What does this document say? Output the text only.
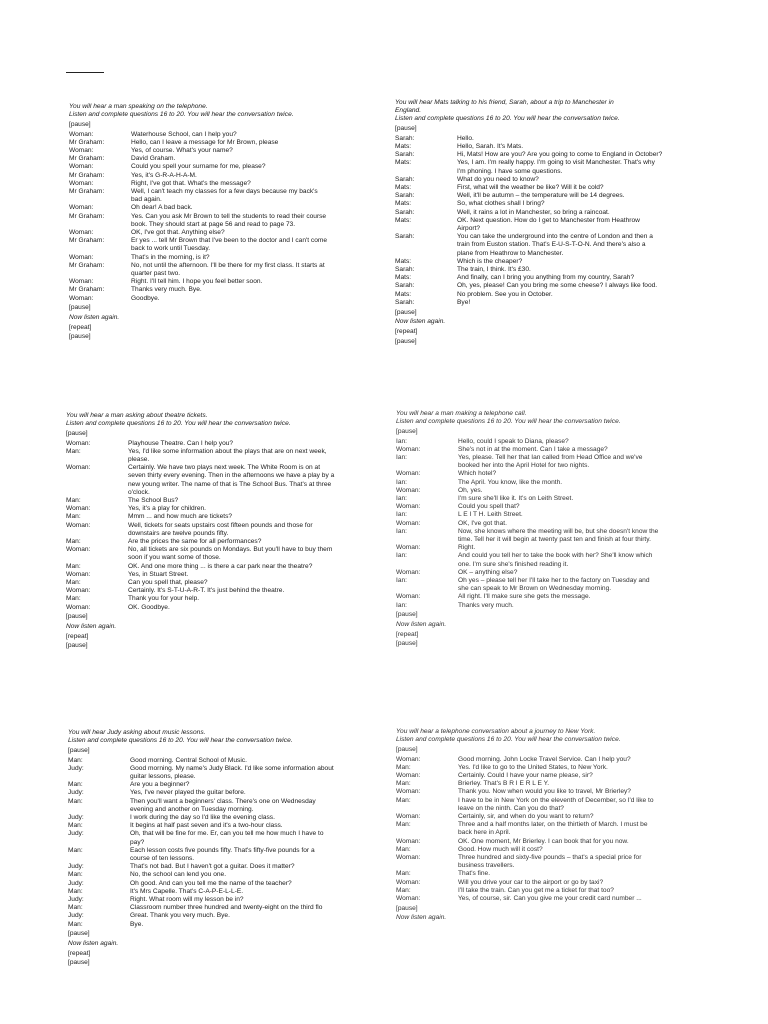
You will hear a man speaking on the telephone.
Listen and complete questions 16 to 20. You will hear the conversation twice.
[pause]
Woman:	Waterhouse School, can I help you?
Mr Graham:	Hello, can I leave a message for Mr Brown, please
Woman:	Yes, of course. What's your name?
Mr Graham:	David Graham.
Woman:	Could you spell your surname for me, please?
Mr Graham:	Yes, it's G-R-A-H-A-M.
Woman:	Right, I've got that. What's the message?
Mr Graham:	Well, I can't teach my classes for a few days because my back's
bad again.
Woman:	Oh dear! A bad back.
Mr Graham:	Yes. Can you ask Mr Brown to tell the students to read their course
book. They should start at page 56 and read to page 73.
Woman:	OK, I've got that. Anything else?
Mr Graham:	Er yes ... tell Mr Brown that I've been to the doctor and I can't come
back to work until Tuesday.
Woman:	That's in the morning, is it?
Mr Graham:	No, not until the afternoon. I'll be there for my first class. It starts at
quarter past two.
Woman:	Right. I'll tell him. I hope you feel better soon.
Mr Graham:	Thanks very much. Bye.
Woman:	Goodbye.
[pause]
Now listen again.
[repeat]
[pause]
You will hear Mats talking to his friend, Sarah, about a trip to Manchester in
England.
Listen and complete questions 16 to 20. You will hear the conversation twice.
[pause]
Sarah:	Hello.
Mats:	Hello, Sarah. It's Mats.
Sarah:	Hi, Mats! How are you? Are you going to come to England in October?
Mats:	Yes, I am. I'm really happy. I'm going to visit Manchester. That's why
I'm phoning. I have some questions.
Sarah:	What do you need to know?
Mats:	First, what will the weather be like? Will it be cold?
Sarah:	Well, it'll be autumn – the temperature will be 14 degrees.
Mats:	So, what clothes shall I bring?
Sarah:	Well, it rains a lot in Manchester, so bring a raincoat.
Mats:	OK. Next question. How do I get to Manchester from Heathrow
Airport?
Sarah:	You can take the underground into the centre of London and then a
train from Euston station. That's E-U-S-T-O-N. And there's also a
plane from Heathrow to Manchester.
Mats:	Which is the cheaper?
Sarah:	The train, I think. It's £30.
Mats:	And finally, can I bring you anything from my country, Sarah?
Sarah:	Oh, yes, please! Can you bring me some cheese? I always like food.
Mats:	No problem. See you in October.
Sarah:	Bye!
[pause]
Now listen again.
[repeat]
[pause]
You will hear a man asking about theatre tickets.
Listen and complete questions 16 to 20. You will hear the conversation twice.
[pause]
Woman:	Playhouse Theatre. Can I help you?
Man:	Yes, I'd like some information about the plays that are on next week,
please.
Woman:	Certainly. We have two plays next week. The White Room is on at
seven thirty every evening. Then in the afternoons we have a play by a
new young writer. The name of that is The School Bus. That's at three
o'clock.
Man:	The School Bus?
Woman:	Yes, it's a play for children.
Man:	Mmm ... and how much are tickets?
Woman:	Well, tickets for seats upstairs cost fifteen pounds and those for
downstairs are twelve pounds fifty.
Man:	Are the prices the same for all performances?
Woman:	No, all tickets are six pounds on Mondays. But you'll have to buy them
soon if you want some of those.
Man:	OK. And one more thing ... is there a car park near the theatre?
Woman:	Yes, in Stuart Street.
Man:	Can you spell that, please?
Woman:	Certainly. It's S-T-U-A-R-T. It's just behind the theatre.
Man:	Thank you for your help.
Woman:	OK. Goodbye.
[pause]
Now listen again.
[repeat]
[pause]
You will hear a man making a telephone call.
Listen and complete questions 16 to 20. You will hear the conversation twice.
[pause]
Ian:	Hello, could I speak to Diana, please?
Woman:	She's not in at the moment. Can I take a message?
Ian:	Yes, please. Tell her that Ian called from Head Office and we've
booked her into the April Hotel for two nights.
Woman:	Which hotel?
Ian:	The April. You know, like the month.
Woman:	Oh, yes.
Ian:	I'm sure she'll like it. It's on Leith Street.
Woman:	Could you spell that?
Ian:	L E I T H. Leith Street.
Woman:	OK, I've got that.
Ian:	Now, she knows where the meeting will be, but she doesn't know the
time. Tell her it will begin at twenty past ten and finish at four thirty.
Woman:	Right.
Ian:	And could you tell her to take the book with her? She'll know which
one. I'm sure she's finished reading it.
Woman:	OK – anything else?
Ian:	Oh yes – please tell her I'll take her to the factory on Tuesday and
she can speak to Mr Brown on Wednesday morning.
Woman:	All right. I'll make sure she gets the message.
Ian:	Thanks very much.
[pause]
Now listen again.
[repeat]
[pause]
You will hear Judy asking about music lessons.
Listen and complete questions 16 to 20. You will hear the conversation twice.
[pause]
Man:	Good morning. Central School of Music.
Judy:	Good morning. My name's Judy Black. I'd like some information about
guitar lessons, please.
Man:	Are you a beginner?
Judy:	Yes, I've never played the guitar before.
Man:	Then you'll want a beginners' class. There's one on Wednesday
evening and another on Tuesday morning.
Judy:	I work during the day so I'd like the evening class.
Man:	It begins at half past seven and it's a two-hour class.
Judy:	Oh, that will be fine for me. Er, can you tell me how much I have to
pay?
Man:	Each lesson costs five pounds fifty. That's fifty-five pounds for a
course of ten lessons.
Judy:	That's not bad. But I haven't got a guitar. Does it matter?
Man:	No, the school can lend you one.
Judy:	Oh good. And can you tell me the name of the teacher?
Man:	It's Mrs Capelle. That's C-A-P-E-L-L-E.
Judy:	Right. What room will my lesson be in?
Man:	Classroom number three hundred and twenty-eight on the third flo
Judy:	Great. Thank you very much. Bye.
Man:	Bye.
[pause]
Now listen again.
[repeat]
[pause]
You will hear a telephone conversation about a journey to New York.
Listen and complete questions 16 to 20. You will hear the conversation twice.
[pause]
Woman:	Good morning. John Locke Travel Service. Can I help you?
Man:	Yes. I'd like to go to the United States, to New York.
Woman:	Certainly. Could I have your name please, sir?
Man:	Brierley. That's B R I E R L E Y.
Woman:	Thank you. Now when would you like to travel, Mr Brierley?
Man:	I have to be in New York on the eleventh of December, so I'd like to
leave on the ninth. Can you do that?
Woman:	Certainly, sir, and when do you want to return?
Man:	Three and a half months later, on the thirtieth of March. I must be
back here in April.
Woman:	OK. One moment, Mr Brierley. I can book that for you now.
Man:	Good. How much will it cost?
Woman:	Three hundred and sixty-five pounds – that's a special price for
business travellers.
Man:	That's fine.
Woman:	Will you drive your car to the airport or go by taxi?
Man:	I'll take the train. Can you get me a ticket for that too?
Woman:	Yes, of course, sir. Can you give me your credit card number ...
[pause]
Now listen again.
